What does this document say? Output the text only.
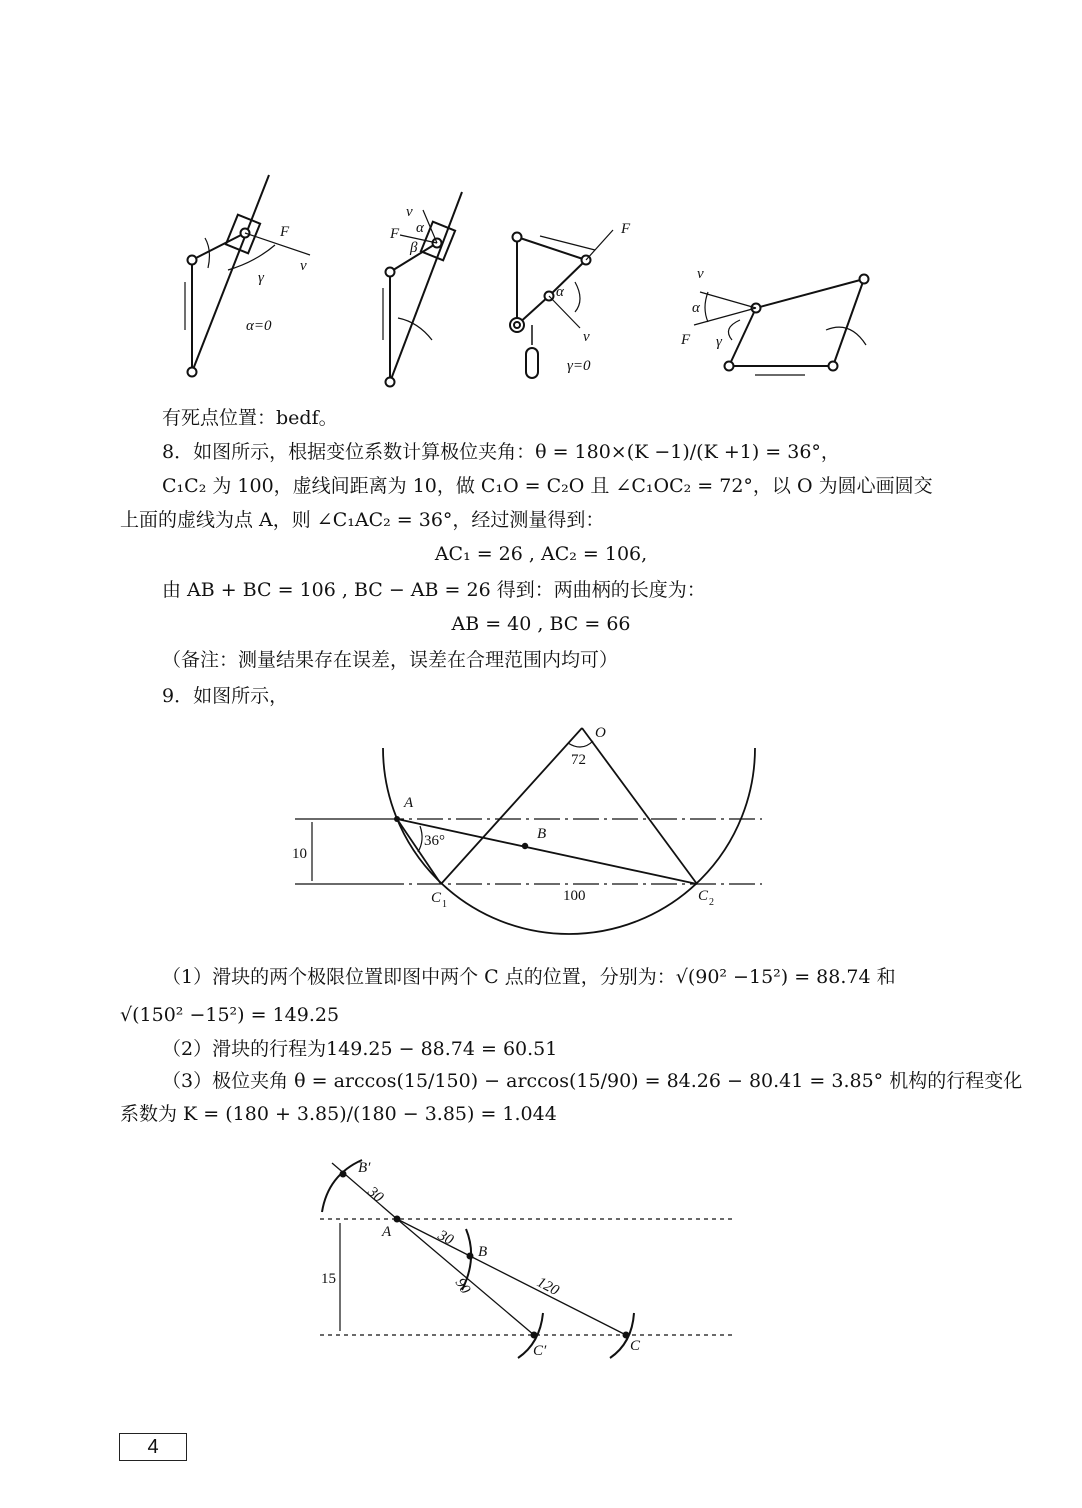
α=0
F
v
γ
v
F α
β
F
α
v
γ=0
v
α
F γ
有死点位置：bedf。
8．如图所示，根据变位系数计算极位夹角：θ = 180×(K −1)/(K +1) = 36°，
C₁C₂ 为 100，虚线间距离为 10，做 C₁O = C₂O 且 ∠C₁OC₂ = 72°，以 O 为圆心画圆交
上面的虚线为点 A，则 ∠C₁AC₂ = 36°，经过测量得到：
AC₁ = 26 , AC₂ = 106,
由 AB + BC = 106 , BC − AB = 26 得到：两曲柄的长度为：
AB = 40 , BC = 66
（备注：测量结果存在误差，误差在合理范围内均可）
9．如图所示，
O
72
A
36°	B
C 1
C 2
10
100
（1）滑块的两个极限位置即图中两个 C 点的位置，分别为：√(90² −15²) = 88.74 和
√(150² −15²) = 149.25
（2）滑块的行程为149.25 − 88.74 = 60.51
（3）极位夹角 θ = arccos(15/150) − arccos(15/90) = 84.26 − 80.41 = 3.85° 机构的行程变化
系数为 K = (180 + 3.85)/(180 − 3.85) = 1.044
B′
A
B
C′	C
30
30
90	120
15
4
